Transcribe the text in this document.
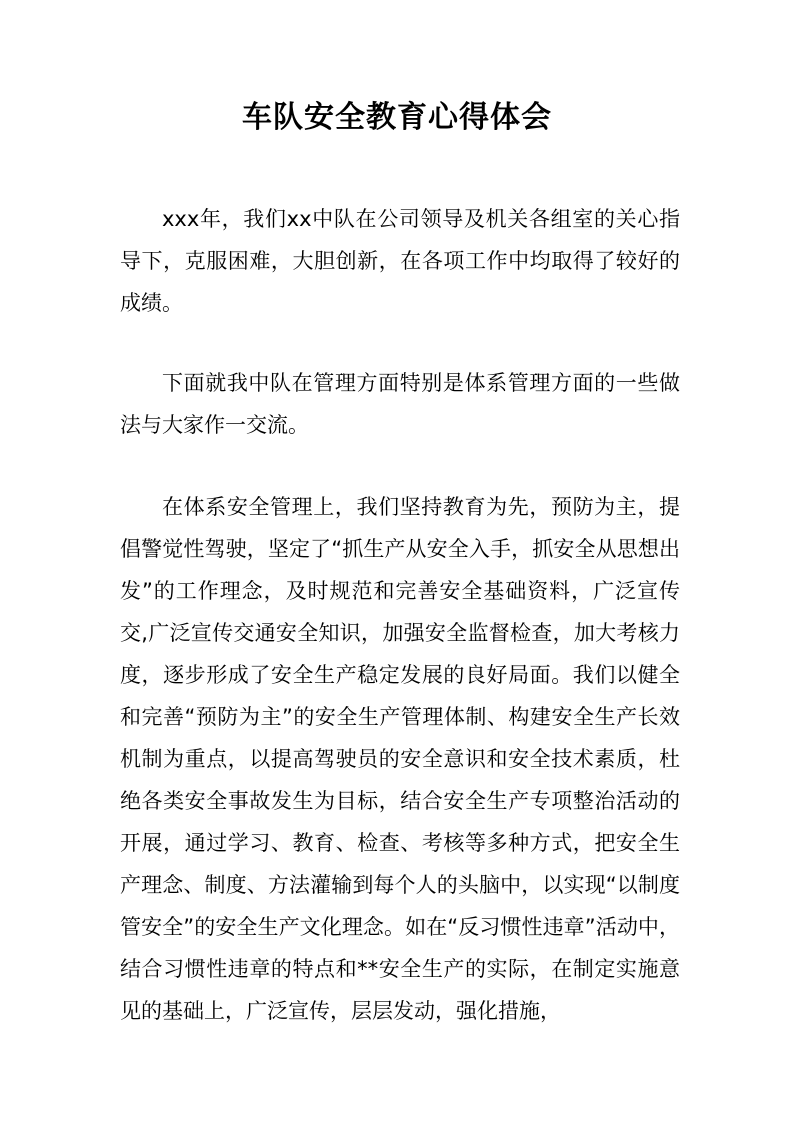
车队安全教育心得体会

xxx年，我们xx中队在公司领导及机关各组室的关心指导下，克服困难，大胆创新，在各项工作中均取得了较好的成绩。

下面就我中队在管理方面特别是体系管理方面的一些做法与大家作一交流。

在体系安全管理上，我们坚持教育为先，预防为主，提倡警觉性驾驶，坚定了“抓生产从安全入手，抓安全从思想出发”的工作理念，及时规范和完善安全基础资料，广泛宣传交,广泛宣传交通安全知识，加强安全监督检查，加大考核力度，逐步形成了安全生产稳定发展的良好局面。我们以健全和完善“预防为主”的安全生产管理体制、构建安全生产长效机制为重点，以提高驾驶员的安全意识和安全技术素质，杜绝各类安全事故发生为目标，结合安全生产专项整治活动的开展，通过学习、教育、检查、考核等多种方式，把安全生产理念、制度、方法灌输到每个人的头脑中，以实现“以制度管安全”的安全生产文化理念。如在“反习惯性违章”活动中，结合习惯性违章的特点和**安全生产的实际，在制定实施意见的基础上，广泛宣传，层层发动，强化措施，
